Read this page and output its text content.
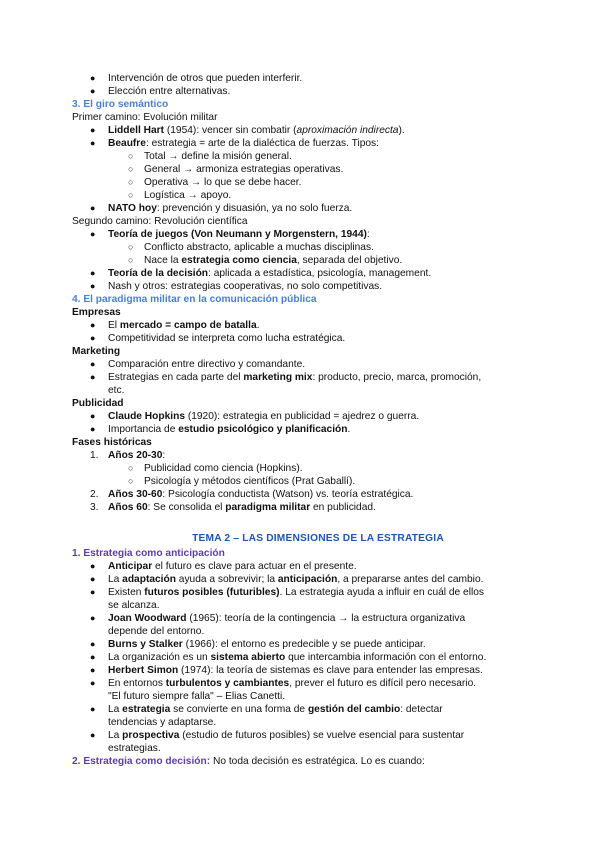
● Intervención de otros que pueden interferir.
● Elección entre alternativas.
3. El giro semántico
Primer camino: Evolución militar
● Liddell Hart (1954): vencer sin combatir (aproximación indirecta).
● Beaufre: estrategia = arte de la dialéctica de fuerzas. Tipos:
○ Total → define la misión general.
○ General → armoniza estrategias operativas.
○ Operativa → lo que se debe hacer.
○ Logística → apoyo.
● NATO hoy: prevención y disuasión, ya no solo fuerza.
Segundo camino: Revolución científica
● Teoría de juegos (Von Neumann y Morgenstern, 1944):
○ Conflicto abstracto, aplicable a muchas disciplinas.
○ Nace la estrategia como ciencia, separada del objetivo.
● Teoría de la decisión: aplicada a estadística, psicología, management.
● Nash y otros: estrategias cooperativas, no solo competitivas.
4. El paradigma militar en la comunicación pública
Empresas
● El mercado = campo de batalla.
● Competitividad se interpreta como lucha estratégica.
Marketing
● Comparación entre directivo y comandante.
● Estrategias en cada parte del marketing mix: producto, precio, marca, promoción,
etc.
Publicidad
● Claude Hopkins (1920): estrategia en publicidad = ajedrez o guerra.
● Importancia de estudio psicológico y planificación.
Fases históricas
1. Años 20-30:
○ Publicidad como ciencia (Hopkins).
○ Psicología y métodos científicos (Prat Gaballí).
2. Años 30-60: Psicología conductista (Watson) vs. teoría estratégica.
3. Años 60: Se consolida el paradigma militar en publicidad.
TEMA 2 – LAS DIMENSIONES DE LA ESTRATEGIA
1. Estrategia como anticipación
● Anticipar el futuro es clave para actuar en el presente.
● La adaptación ayuda a sobrevivir; la anticipación, a prepararse antes del cambio.
● Existen futuros posibles (futuribles). La estrategia ayuda a influir en cuál de ellos
se alcanza.
● Joan Woodward (1965): teoría de la contingencia → la estructura organizativa
depende del entorno.
● Burns y Stalker (1966): el entorno es predecible y se puede anticipar.
● La organización es un sistema abierto que intercambia información con el entorno.
● Herbert Simon (1974): la teoría de sistemas es clave para entender las empresas.
● En entornos turbulentos y cambiantes, prever el futuro es difícil pero necesario.
"El futuro siempre falla" – Elias Canetti.
● La estrategia se convierte en una forma de gestión del cambio: detectar
tendencias y adaptarse.
● La prospectiva (estudio de futuros posibles) se vuelve esencial para sustentar
estrategias.
2. Estrategia como decisión: No toda decisión es estratégica. Lo es cuando:
